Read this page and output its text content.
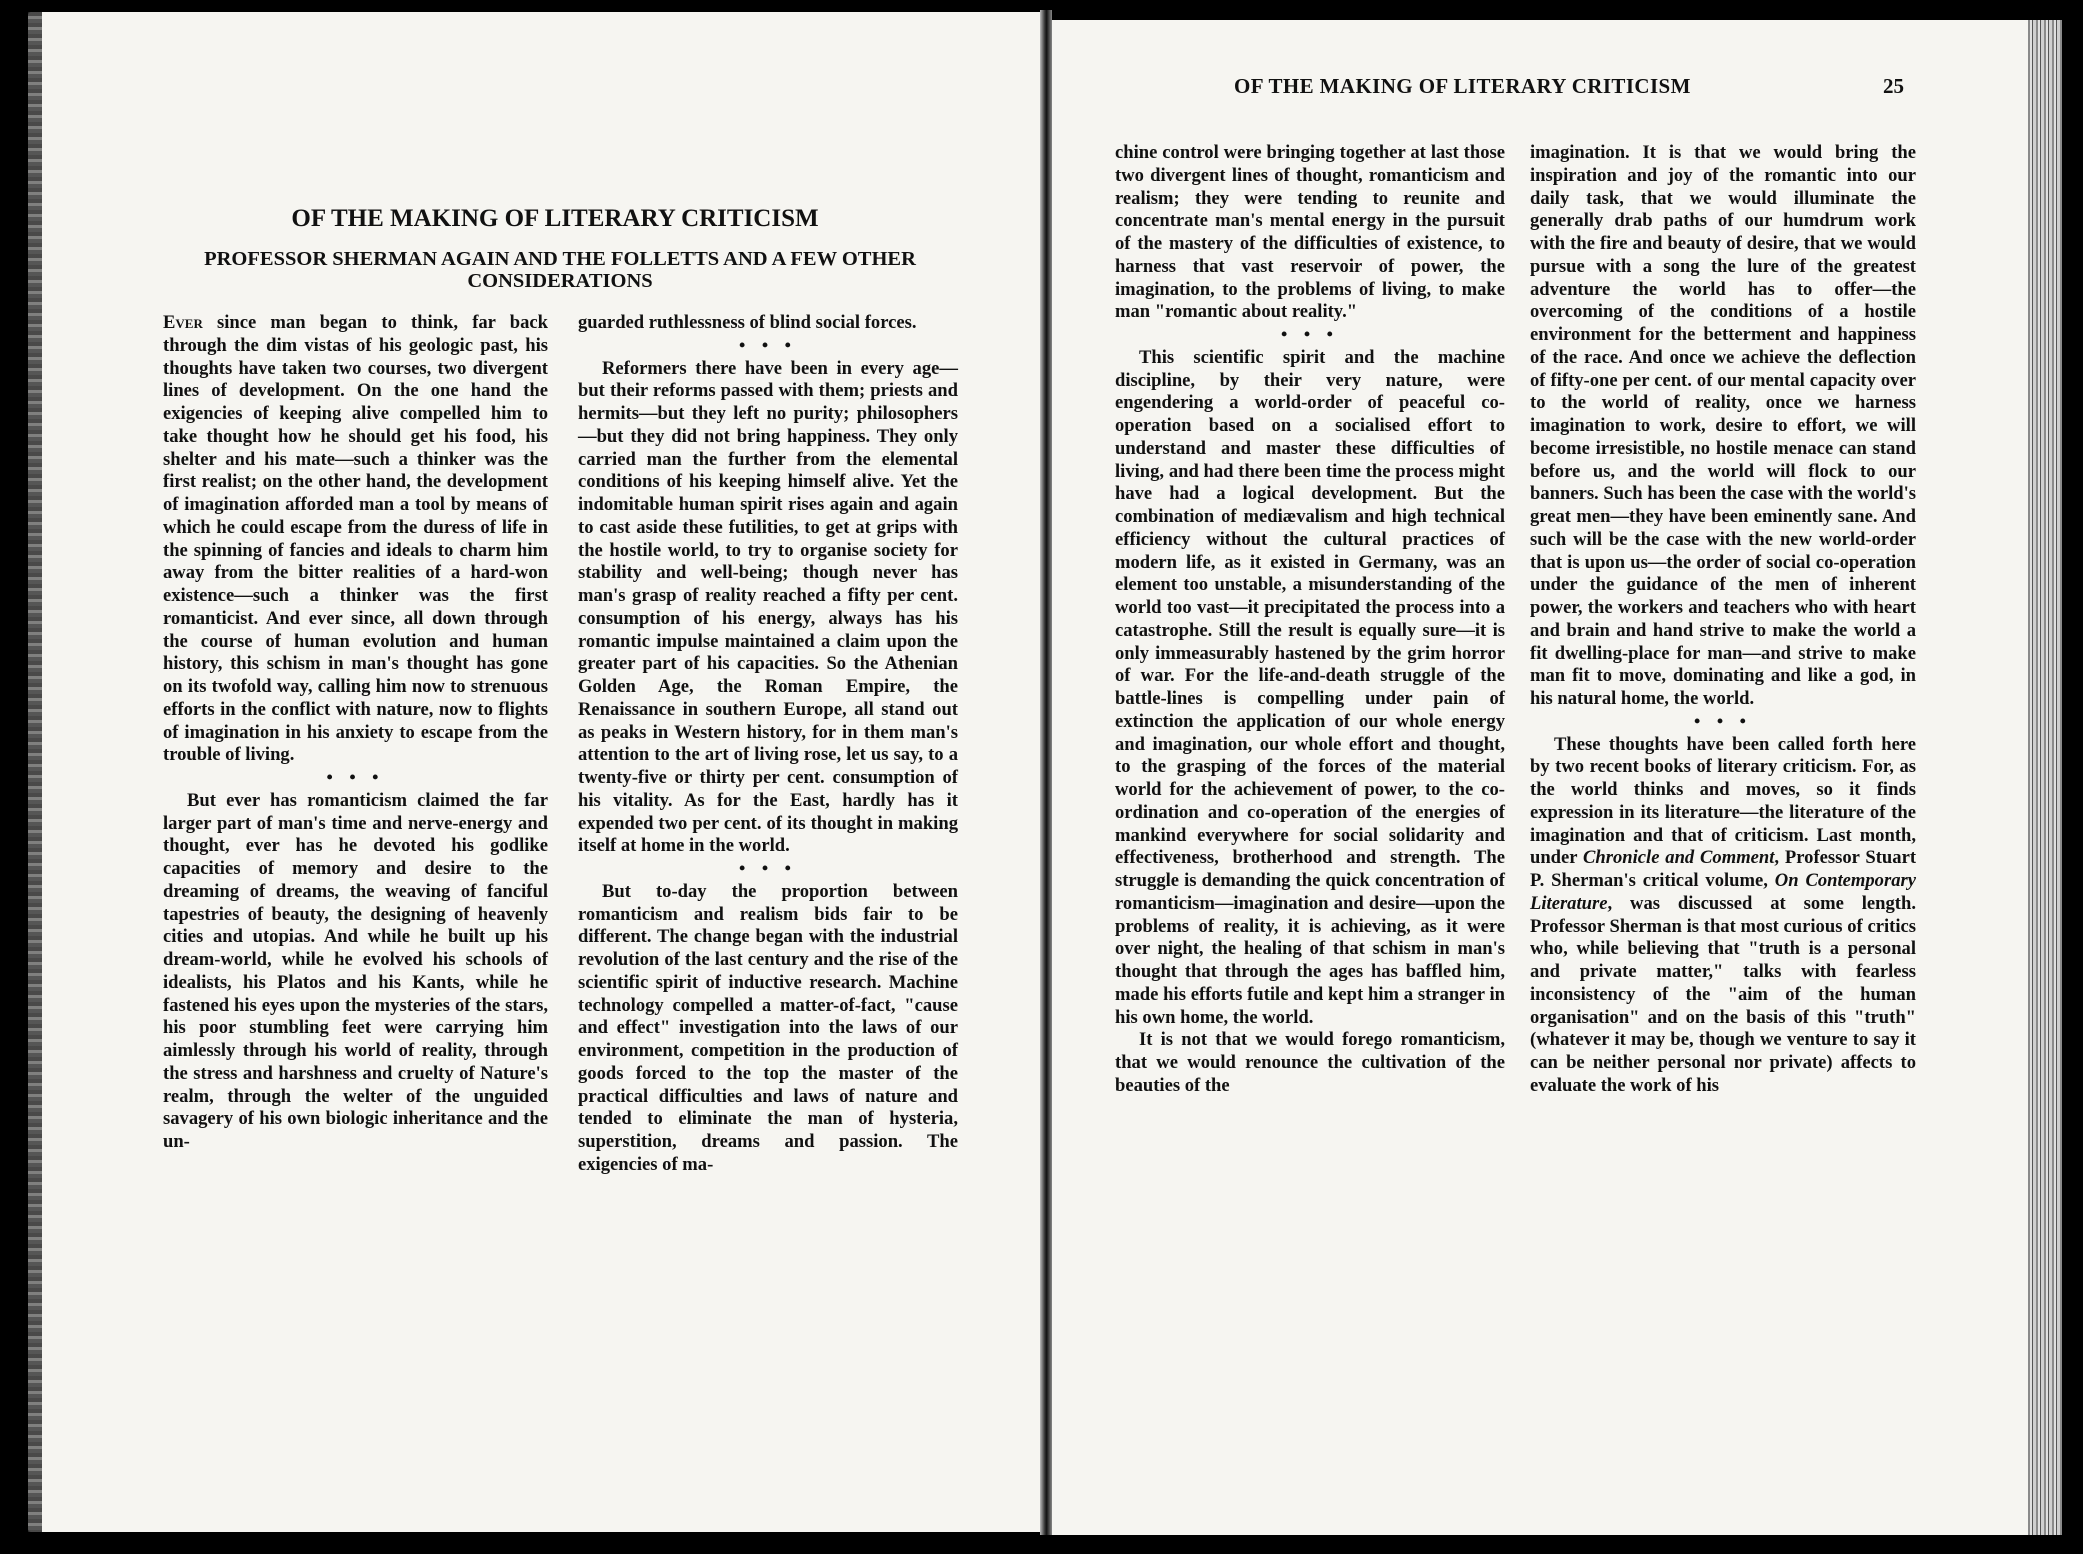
OF THE MAKING OF LITERARY CRITICISM	25
OF THE MAKING OF LITERARY CRITICISM
PROFESSOR SHERMAN AGAIN AND THE FOLLETTS AND A FEW OTHER CONSIDERATIONS

Ever since man began to think, far back through the dim vistas of his geologic past, his thoughts have taken two courses, two divergent lines of development. On the one hand the exigencies of keeping alive compelled him to take thought how he should get his food, his shelter and his mate—such a thinker was the first realist; on the other hand, the development of imagination afforded man a tool by means of which he could escape from the duress of life in the spinning of fancies and ideals to charm him away from the bitter realities of a hard-won existence—such a thinker was the first romanticist. And ever since, all down through the course of human evolution and human history, this schism in man's thought has gone on its twofold way, calling him now to strenuous efforts in the conflict with nature, now to flights of imagination in his anxiety to escape from the trouble of living.

• • •

But ever has romanticism claimed the far larger part of man's time and nerve-energy and thought, ever has he devoted his godlike capacities of memory and desire to the dreaming of dreams, the weaving of fanciful tapestries of beauty, the designing of heavenly cities and utopias. And while he built up his dream-world, while he evolved his schools of idealists, his Platos and his Kants, while he fastened his eyes upon the mysteries of the stars, his poor stumbling feet were carrying him aimlessly through his world of reality, through the stress and harshness and cruelty of Nature's realm, through the welter of the unguided savagery of his own biologic inheritance and the un-

guarded ruthlessness of blind social forces.

• • •

Reformers there have been in every age—but their reforms passed with them; priests and hermits—but they left no purity; philosophers—but they did not bring happiness. They only carried man the further from the elemental conditions of his keeping himself alive. Yet the indomitable human spirit rises again and again to cast aside these futilities, to get at grips with the hostile world, to try to organise society for stability and well-being; though never has man's grasp of reality reached a fifty per cent. consumption of his energy, always has his romantic impulse maintained a claim upon the greater part of his capacities. So the Athenian Golden Age, the Roman Empire, the Renaissance in southern Europe, all stand out as peaks in Western history, for in them man's attention to the art of living rose, let us say, to a twenty-five or thirty per cent. consumption of his vitality. As for the East, hardly has it expended two per cent. of its thought in making itself at home in the world.

• • •

But to-day the proportion between romanticism and realism bids fair to be different. The change began with the industrial revolution of the last century and the rise of the scientific spirit of inductive research. Machine technology compelled a matter-of-fact, "cause and effect" investigation into the laws of our environment, competition in the production of goods forced to the top the master of the practical difficulties and laws of nature and tended to eliminate the man of hysteria, superstition, dreams and passion. The exigencies of ma-

chine control were bringing together at last those two divergent lines of thought, romanticism and realism; they were tending to reunite and concentrate man's mental energy in the pursuit of the mastery of the difficulties of existence, to harness that vast reservoir of power, the imagination, to the problems of living, to make man "romantic about reality."

• • •

This scientific spirit and the machine discipline, by their very nature, were engendering a world-order of peaceful co-operation based on a socialised effort to understand and master these difficulties of living, and had there been time the process might have had a logical development. But the combination of mediævalism and high technical efficiency without the cultural practices of modern life, as it existed in Germany, was an element too unstable, a misunderstanding of the world too vast—it precipitated the process into a catastrophe. Still the result is equally sure—it is only immeasurably hastened by the grim horror of war. For the life-and-death struggle of the battle-lines is compelling under pain of extinction the application of our whole energy and imagination, our whole effort and thought, to the grasping of the forces of the material world for the achievement of power, to the co-ordination and co-operation of the energies of mankind everywhere for social solidarity and effectiveness, brotherhood and strength. The struggle is demanding the quick concentration of romanticism—imagination and desire—upon the problems of reality, it is achieving, as it were over night, the healing of that schism in man's thought that through the ages has baffled him, made his efforts futile and kept him a stranger in his own home, the world.

It is not that we would forego romanticism, that we would renounce the cultivation of the beauties of the

imagination. It is that we would bring the inspiration and joy of the romantic into our daily task, that we would illuminate the generally drab paths of our humdrum work with the fire and beauty of desire, that we would pursue with a song the lure of the greatest adventure the world has to offer—the overcoming of the conditions of a hostile environment for the betterment and happiness of the race. And once we achieve the deflection of fifty-one per cent. of our mental capacity over to the world of reality, once we harness imagination to work, desire to effort, we will become irresistible, no hostile menace can stand before us, and the world will flock to our banners. Such has been the case with the world's great men—they have been eminently sane. And such will be the case with the new world-order that is upon us—the order of social co-operation under the guidance of the men of inherent power, the workers and teachers who with heart and brain and hand strive to make the world a fit dwelling-place for man—and strive to make man fit to move, dominating and like a god, in his natural home, the world.

• • •

These thoughts have been called forth here by two recent books of literary criticism. For, as the world thinks and moves, so it finds expression in its literature—the literature of the imagination and that of criticism. Last month, under Chronicle and Comment, Professor Stuart P. Sherman's critical volume, On Contemporary Literature, was discussed at some length. Professor Sherman is that most curious of critics who, while believing that "truth is a personal and private matter," talks with fearless inconsistency of the "aim of the human organisation" and on the basis of this "truth" (whatever it may be, though we venture to say it can be neither personal nor private) affects to evaluate the work of his
